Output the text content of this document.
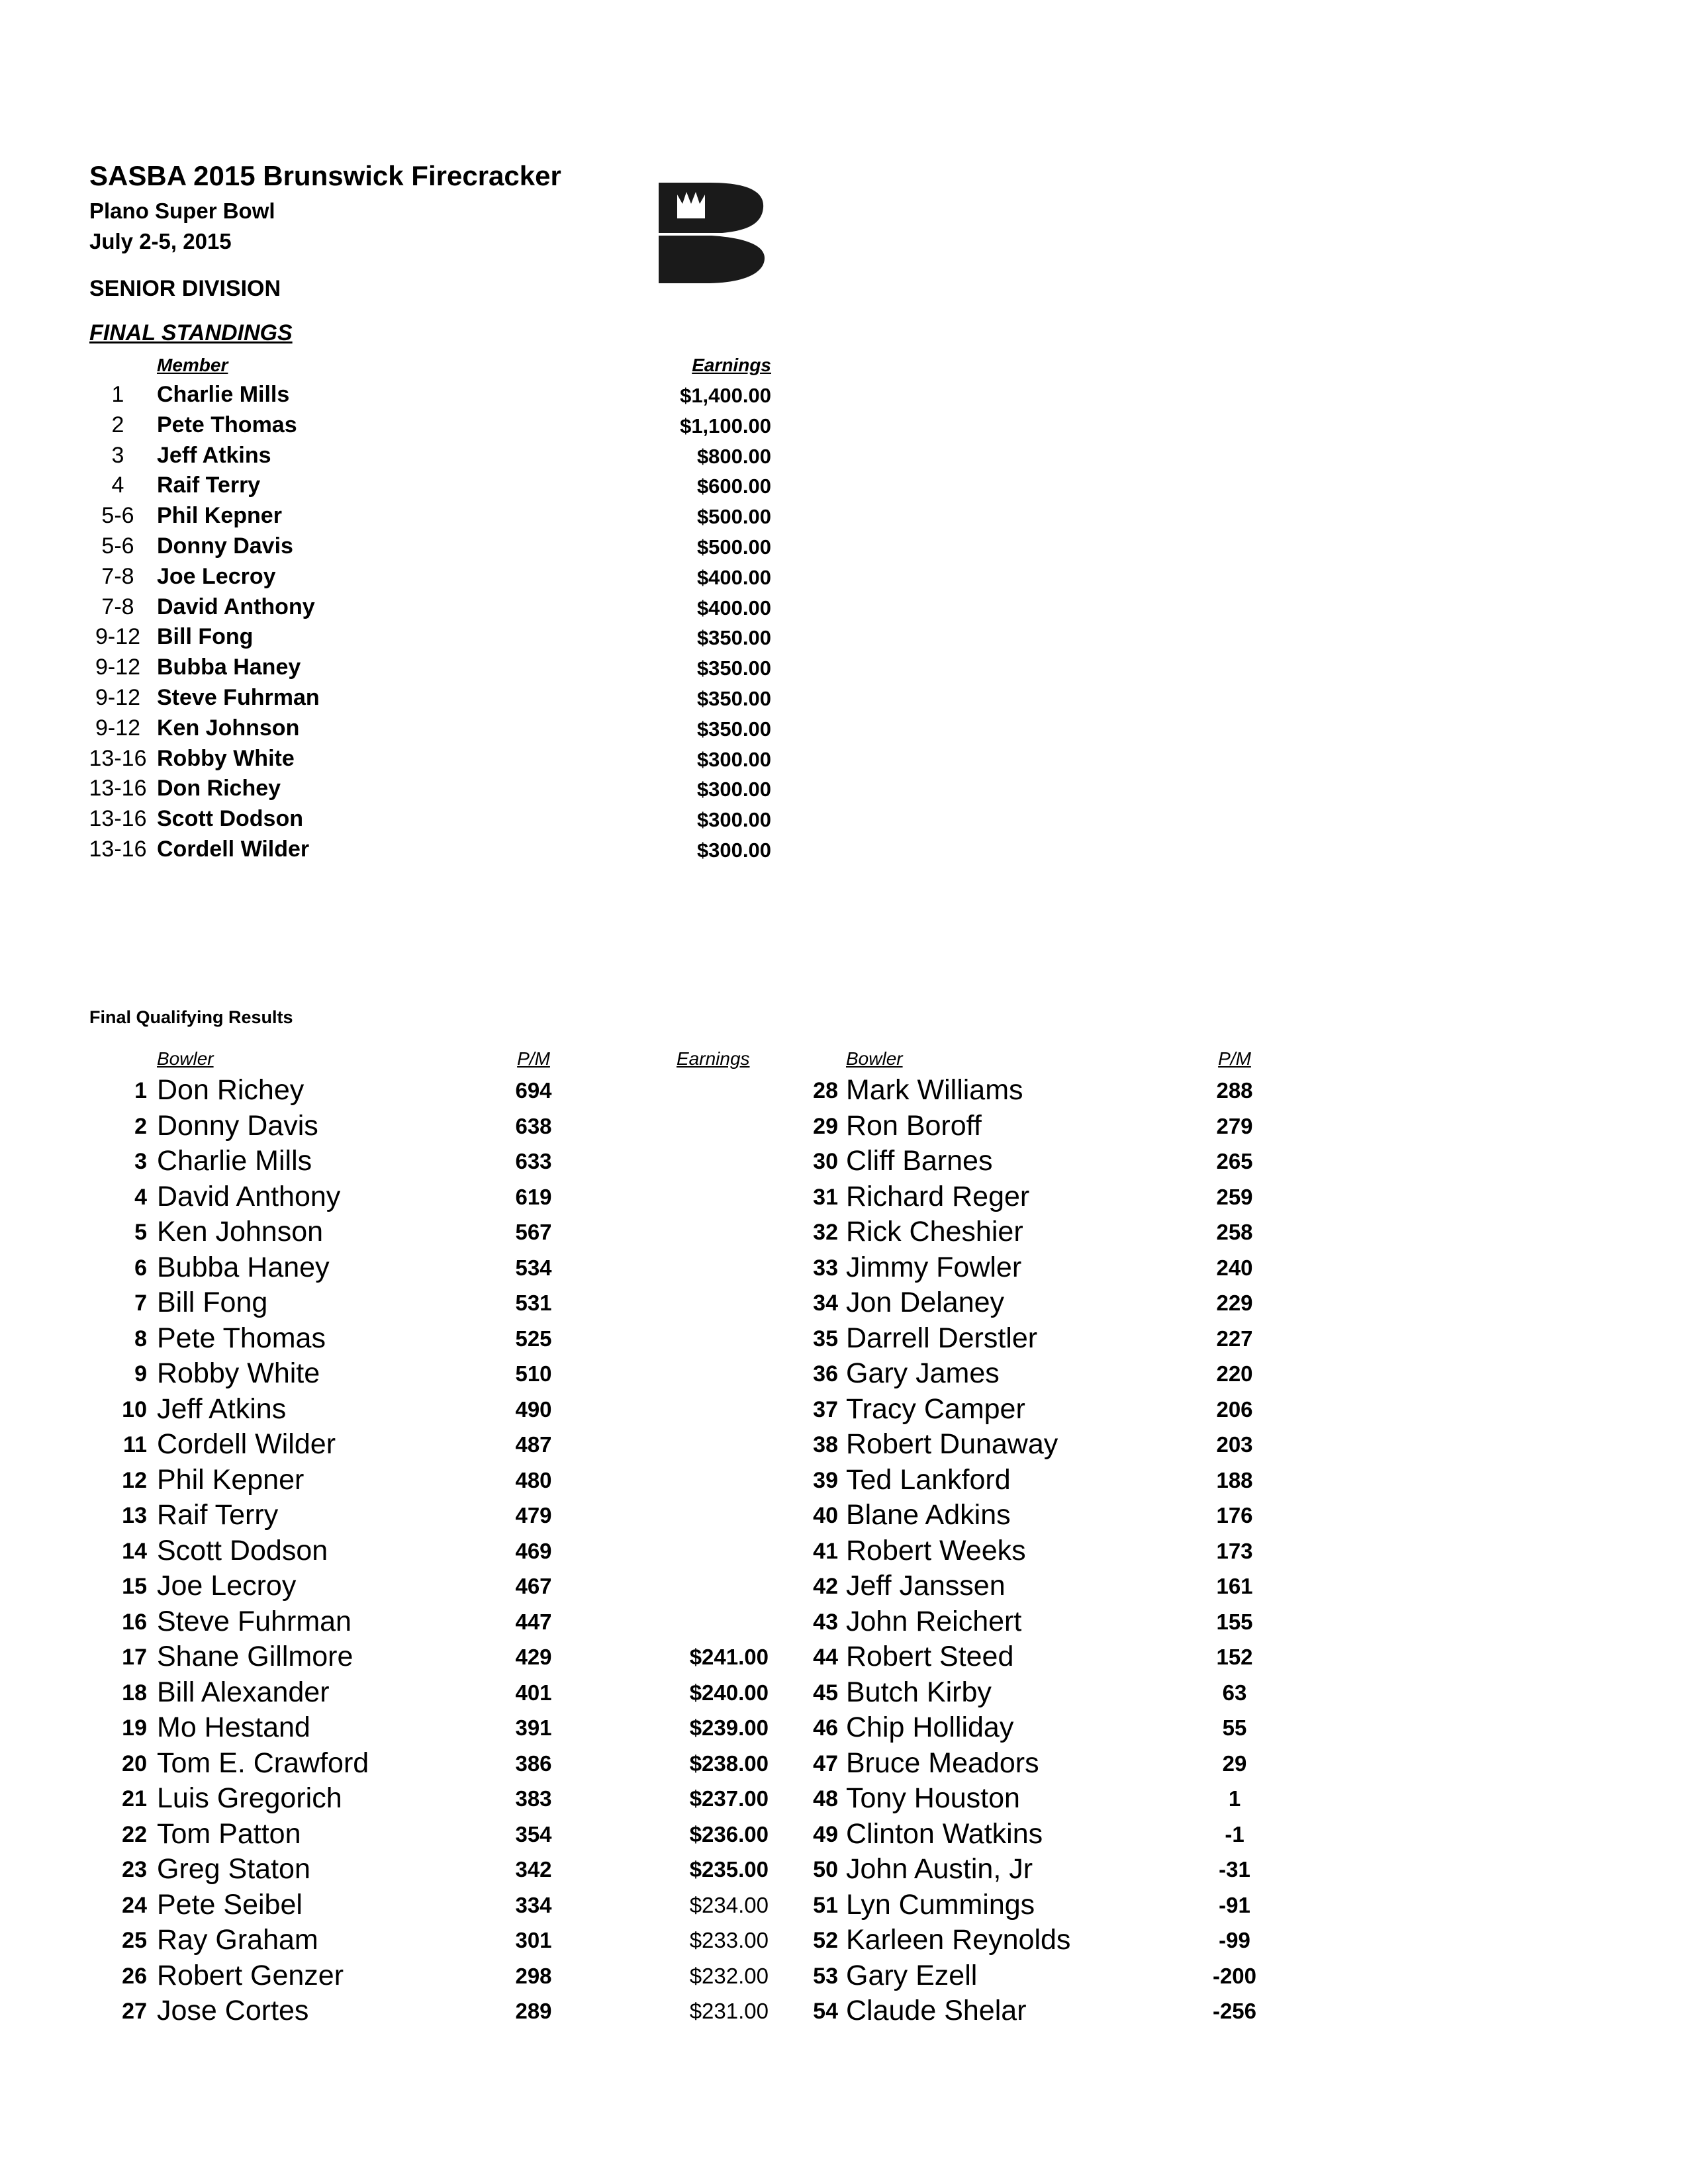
SASBA 2015 Brunswick Firecracker
Plano Super Bowl
July 2-5, 2015
SENIOR DIVISION
FINAL STANDINGS
Member	Earnings
1	Charlie Mills	$1,400.00
2	Pete Thomas	$1,100.00
3	Jeff Atkins	$800.00
4	Raif Terry	$600.00
5-6	Phil Kepner	$500.00
5-6	Donny Davis	$500.00
7-8	Joe Lecroy	$400.00
7-8	David Anthony	$400.00
9-12 Bill Fong	$350.00
9-12 Bubba Haney	$350.00
9-12 Steve Fuhrman	$350.00
9-12 Ken Johnson	$350.00
13-16 Robby White	$300.00
13-16 Don Richey	$300.00
13-16 Scott Dodson	$300.00
13-16 Cordell Wilder	$300.00
Final Qualifying Results
Bowler	P/M	Earnings	Bowler	P/M
1 Don Richey	694
2 Donny Davis	638
3 Charlie Mills	633
4 David Anthony	619
5 Ken Johnson	567
6 Bubba Haney	534
7 Bill Fong	531
8 Pete Thomas	525
9 Robby White	510
10 Jeff Atkins	490
11 Cordell Wilder	487
12 Phil Kepner	480
13 Raif Terry	479
14 Scott Dodson	469
15 Joe Lecroy	467
16 Steve Fuhrman	447
17 Shane Gillmore	429	$241.00
18 Bill Alexander	401	$240.00
19 Mo Hestand	391	$239.00
20 Tom E. Crawford	386	$238.00
21 Luis Gregorich	383	$237.00
22 Tom Patton	354	$236.00
23 Greg Staton	342	$235.00
24 Pete Seibel	334	$234.00
25 Ray Graham	301	$233.00
26 Robert Genzer	298	$232.00
27 Jose Cortes	289	$231.00
28 Mark Williams	288
29 Ron Boroff	279
30 Cliff Barnes	265
31 Richard Reger	259
32 Rick Cheshier	258
33 Jimmy Fowler	240
34 Jon Delaney	229
35 Darrell Derstler	227
36 Gary James	220
37 Tracy Camper	206
38 Robert Dunaway	203
39 Ted Lankford	188
40 Blane Adkins	176
41 Robert Weeks	173
42 Jeff Janssen	161
43 John Reichert	155
44 Robert Steed	152
45 Butch Kirby	63
46 Chip Holliday	55
47 Bruce Meadors	29
48 Tony Houston	1
49 Clinton Watkins	-1
50 John Austin, Jr	-31
51 Lyn Cummings	-91
52 Karleen Reynolds	-99
53 Gary Ezell	-200
54 Claude Shelar	-256
